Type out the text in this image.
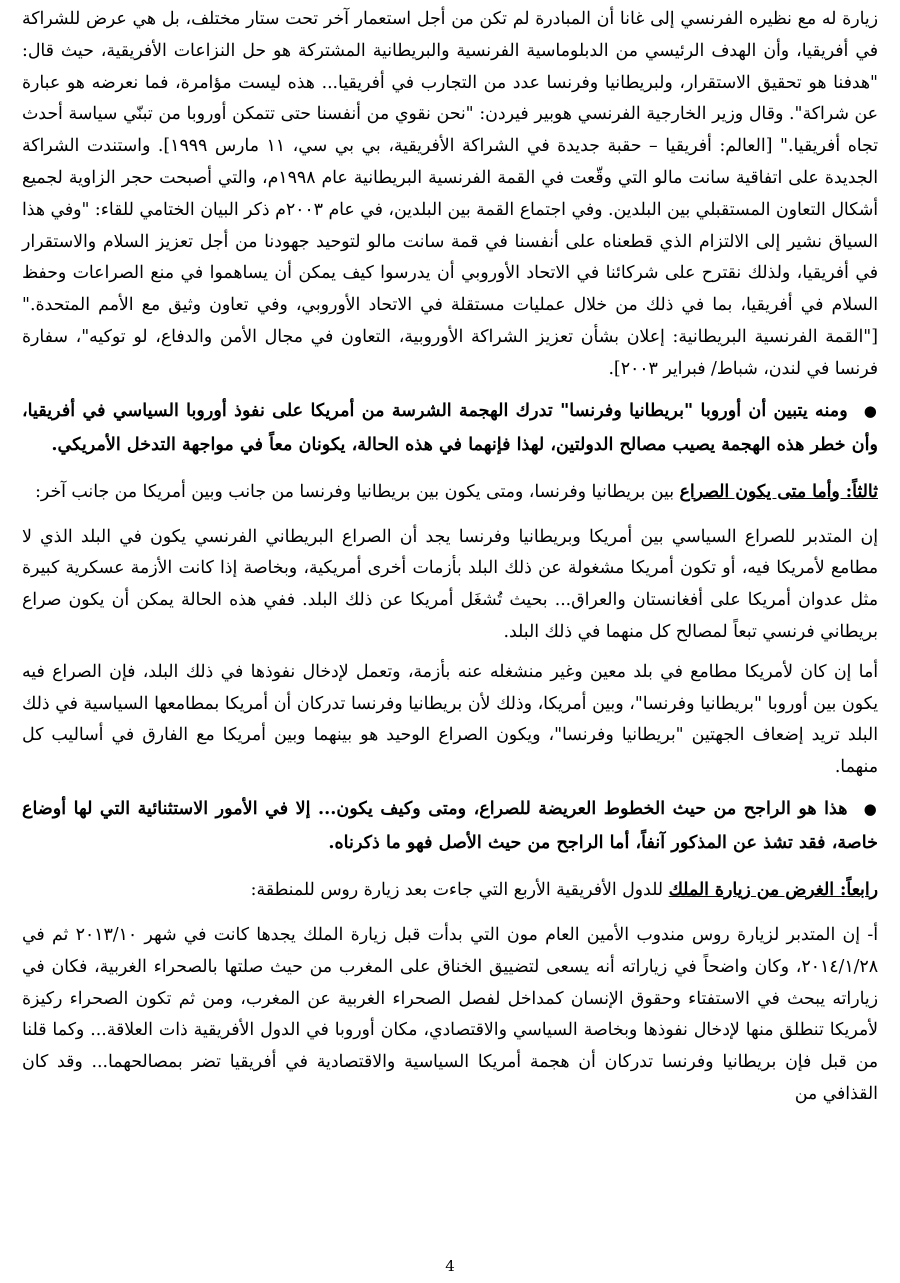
زيارة له مع نظيره الفرنسي إلى غانا أن المبادرة لم تكن من أجل استعمار آخر تحت ستار مختلف، بل هي عرض للشراكة في أفريقيا، وأن الهدف الرئيسي من الدبلوماسية الفرنسية والبريطانية المشتركة هو حل النزاعات الأفريقية، حيث قال: "هدفنا هو تحقيق الاستقرار، ولبريطانيا وفرنسا عدد من التجارب في أفريقيا... هذه ليست مؤامرة، فما نعرضه هو عبارة عن شراكة". وقال وزير الخارجية الفرنسي هوبير فيردن: "نحن نقوي من أنفسنا حتى تتمكن أوروبا من تبنّي سياسة أحدث تجاه أفريقيا." [العالم: أفريقيا – حقبة جديدة في الشراكة الأفريقية، بي بي سي، ١١ مارس ١٩٩٩]. واستندت الشراكة الجديدة على اتفاقية سانت مالو التي وقّعت في القمة الفرنسية البريطانية عام ١٩٩٨م، والتي أصبحت حجر الزاوية لجميع أشكال التعاون المستقبلي بين البلدين. وفي اجتماع القمة بين البلدين، في عام ٢٠٠٣م ذكر البيان الختامي للقاء: "وفي هذا السياق نشير إلى الالتزام الذي قطعناه على أنفسنا في قمة سانت مالو لتوحيد جهودنا من أجل تعزيز السلام والاستقرار في أفريقيا، ولذلك نقترح على شركائنا في الاتحاد الأوروبي أن يدرسوا كيف يمكن أن يساهموا في منع الصراعات وحفظ السلام في أفريقيا، بما في ذلك من خلال عمليات مستقلة في الاتحاد الأوروبي، وفي تعاون وثيق مع الأمم المتحدة." ["القمة الفرنسية البريطانية: إعلان بشأن تعزيز الشراكة الأوروبية، التعاون في مجال الأمن والدفاع، لو توكيه"، سفارة فرنسا في لندن، شباط/ فبراير ٢٠٠٣].

●ومنه يتبين أن أوروبا "بريطانيا وفرنسا" تدرك الهجمة الشرسة من أمريكا على نفوذ أوروبا السياسي في أفريقيا، وأن خطر هذه الهجمة يصيب مصالح الدولتين، لهذا فإنهما في هذه الحالة، يكونان معاً في مواجهة التدخل الأمريكي.

ثالثاً: وأما متى يكون الصراع بين بريطانيا وفرنسا، ومتى يكون بين بريطانيا وفرنسا من جانب وبين أمريكا من جانب آخر:

إن المتدبر للصراع السياسي بين أمريكا وبريطانيا وفرنسا يجد أن الصراع البريطاني الفرنسي يكون في البلد الذي لا مطامع لأمريكا فيه، أو تكون أمريكا مشغولة عن ذلك البلد بأزمات أخرى أمريكية، وبخاصة إذا كانت الأزمة عسكرية كبيرة مثل عدوان أمريكا على أفغانستان والعراق... بحيث تُشغَل أمريكا عن ذلك البلد. ففي هذه الحالة يمكن أن يكون صراع بريطاني فرنسي تبعاً لمصالح كل منهما في ذلك البلد.

أما إن كان لأمريكا مطامع في بلد معين وغير منشغله عنه بأزمة، وتعمل لإدخال نفوذها في ذلك البلد، فإن الصراع فيه يكون بين أوروبا "بريطانيا وفرنسا"، وبين أمريكا، وذلك لأن بريطانيا وفرنسا تدركان أن أمريكا بمطامعها السياسية في ذلك البلد تريد إضعاف الجهتين "بريطانيا وفرنسا"، ويكون الصراع الوحيد هو بينهما وبين أمريكا مع الفارق في أساليب كل منهما.

●هذا هو الراجح من حيث الخطوط العريضة للصراع، ومتى وكيف يكون... إلا في الأمور الاستثنائية التي لها أوضاع خاصة، فقد تشذ عن المذكور آنفاً، أما الراجح من حيث الأصل فهو ما ذكرناه.

رابعاً: الغرض من زيارة الملك للدول الأفريقية الأربع التي جاءت بعد زيارة روس للمنطقة:

أ- إن المتدبر لزيارة روس مندوب الأمين العام مون التي بدأت قبل زيارة الملك يجدها كانت في شهر ٢٠١٣/١٠ ثم في ٢٠١٤/١/٢٨، وكان واضحاً في زياراته أنه يسعى لتضييق الخناق على المغرب من حيث صلتها بالصحراء الغربية، فكان في زياراته يبحث في الاستفتاء وحقوق الإنسان كمداخل لفصل الصحراء الغربية عن المغرب، ومن ثم تكون الصحراء ركيزة لأمريكا تنطلق منها لإدخال نفوذها وبخاصة السياسي والاقتصادي، مكان أوروبا في الدول الأفريقية ذات العلاقة... وكما قلنا من قبل فإن بريطانيا وفرنسا تدركان أن هجمة أمريكا السياسية والاقتصادية في أفريقيا تضر بمصالحهما... وقد كان القذافي من

4
